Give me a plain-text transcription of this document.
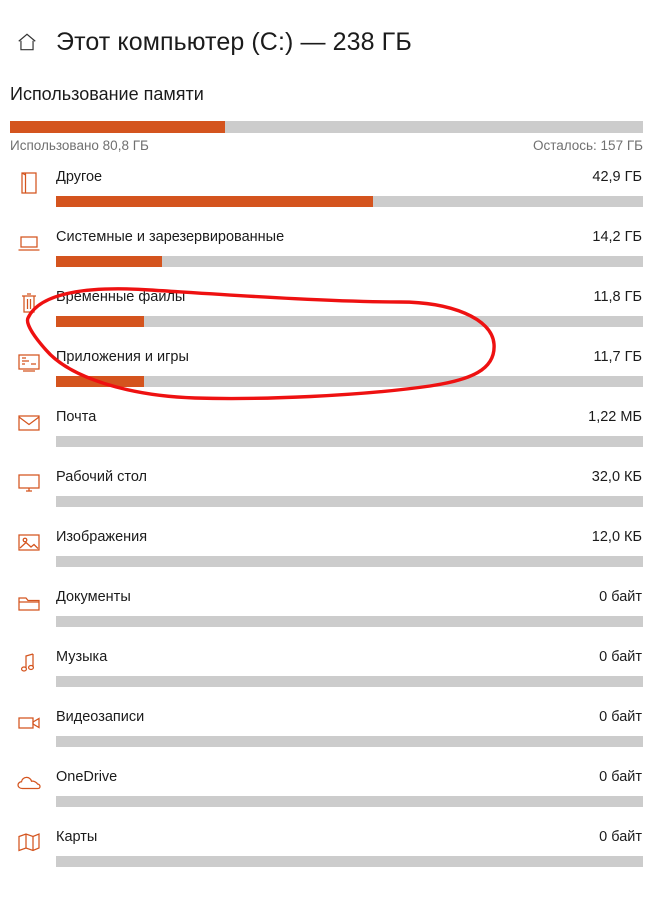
Этот компьютер (C:) — 238 ГБ
Использование памяти
Использовано 80,8 ГБ	Осталось: 157 ГБ
Другое	42,9 ГБ
Системные и зарезервированные	14,2 ГБ
Временные файлы	11,8 ГБ
Приложения и игры	11,7 ГБ
Почта	1,22 МБ
Рабочий стол	32,0 КБ
Изображения	12,0 КБ
Документы	0 байт
Музыка	0 байт
Видеозаписи	0 байт
OneDrive	0 байт
Карты	0 байт
